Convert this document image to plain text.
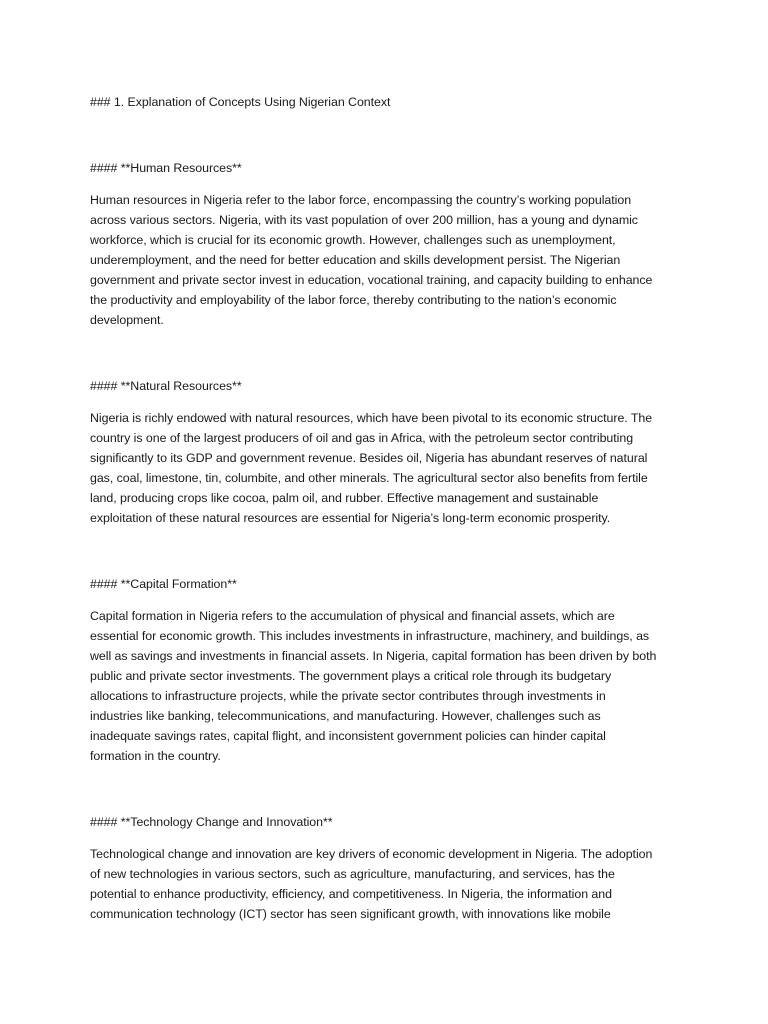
### 1. Explanation of Concepts Using Nigerian Context
#### **Human Resources**
Human resources in Nigeria refer to the labor force, encompassing the country’s working population
across various sectors. Nigeria, with its vast population of over 200 million, has a young and dynamic
workforce, which is crucial for its economic growth. However, challenges such as unemployment,
underemployment, and the need for better education and skills development persist. The Nigerian
government and private sector invest in education, vocational training, and capacity building to enhance
the productivity and employability of the labor force, thereby contributing to the nation’s economic
development.
#### **Natural Resources**
Nigeria is richly endowed with natural resources, which have been pivotal to its economic structure. The
country is one of the largest producers of oil and gas in Africa, with the petroleum sector contributing
significantly to its GDP and government revenue. Besides oil, Nigeria has abundant reserves of natural
gas, coal, limestone, tin, columbite, and other minerals. The agricultural sector also benefits from fertile
land, producing crops like cocoa, palm oil, and rubber. Effective management and sustainable
exploitation of these natural resources are essential for Nigeria’s long-term economic prosperity.
#### **Capital Formation**
Capital formation in Nigeria refers to the accumulation of physical and financial assets, which are
essential for economic growth. This includes investments in infrastructure, machinery, and buildings, as
well as savings and investments in financial assets. In Nigeria, capital formation has been driven by both
public and private sector investments. The government plays a critical role through its budgetary
allocations to infrastructure projects, while the private sector contributes through investments in
industries like banking, telecommunications, and manufacturing. However, challenges such as
inadequate savings rates, capital flight, and inconsistent government policies can hinder capital
formation in the country.
#### **Technology Change and Innovation**
Technological change and innovation are key drivers of economic development in Nigeria. The adoption
of new technologies in various sectors, such as agriculture, manufacturing, and services, has the
potential to enhance productivity, efficiency, and competitiveness. In Nigeria, the information and
communication technology (ICT) sector has seen significant growth, with innovations like mobile
